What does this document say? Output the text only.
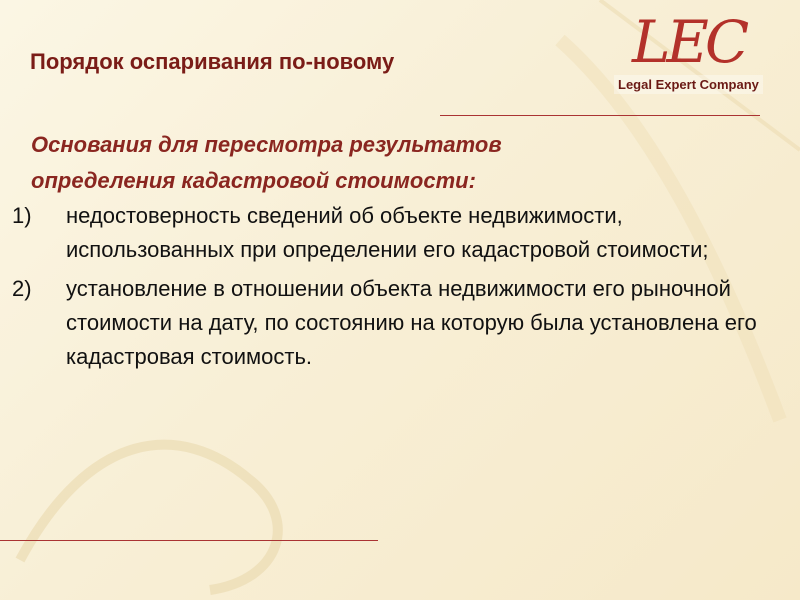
LEC
Legal Expert Company
Порядок оспаривания по-новому
Основания для пересмотра результатов
определения кадастровой стоимости:
1) недостоверность сведений об объекте недвижимости, использованных при определении его кадастровой стоимости;
2) установление в отношении объекта недвижимости его рыночной стоимости на дату, по состоянию на которую была установлена его кадастровая стоимость.
